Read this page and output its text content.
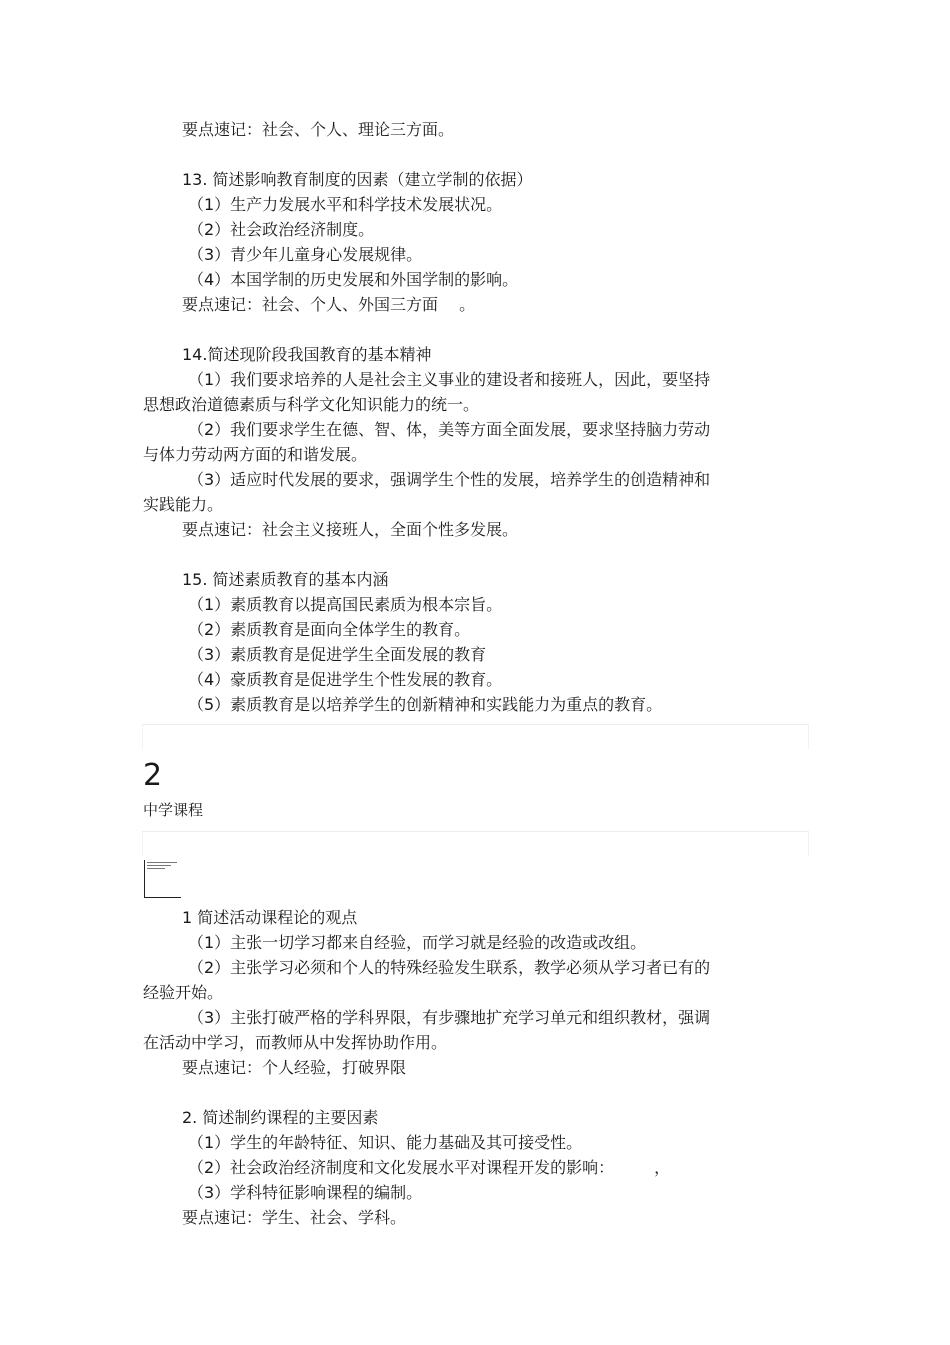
要点速记：社会、个人、理论三方面。
13. 简述影响教育制度的因素（建立学制的依据）
（1）生产力发展水平和科学技术发展状况。
（2）社会政治经济制度。
（3）青少年儿童身心发展规律。
（4）本国学制的历史发展和外国学制的影响。
要点速记：社会、个人、外国三方面　 。
14.简述现阶段我国教育的基本精神
（1）我们要求培养的人是社会主义事业的建设者和接班人，因此，要坚持
思想政治道德素质与科学文化知识能力的统一。
（2）我们要求学生在德、智、体，美等方面全面发展，要求坚持脑力劳动
与体力劳动两方面的和谐发展。
（3）适应时代发展的要求，强调学生个性的发展，培养学生的创造精神和
实践能力。
要点速记：社会主义接班人，全面个性多发展。
15. 简述素质教育的基本内涵
（1）素质教育以提高国民素质为根本宗旨。
（2）素质教育是面向全体学生的教育。
（3）素质教育是促进学生全面发展的教育
（4）豪质教育是促进学生个性发展的教育。
（5）素质教育是以培养学生的创新精神和实践能力为重点的教育。
2
中学课程
1 简述活动课程论的观点
（1）主张一切学习都来自经验，而学习就是经验的改造或改组。
（2）主张学习必须和个人的特殊经验发生联系，教学必须从学习者已有的
经验开始。
（3）主张打破严格的学科界限，有步骤地扩充学习单元和组织教材，强调
在活动中学习，而教师从中发挥协助作用。
要点速记：个人经验，打破界限
2. 简述制约课程的主要因素
（1）学生的年龄特征、知识、能力基础及其可接受性。
（2）社会政治经济制度和文化发展水平对课程开发的影响：　　　，
（3）学科特征影响课程的编制。
要点速记：学生、社会、学科。
